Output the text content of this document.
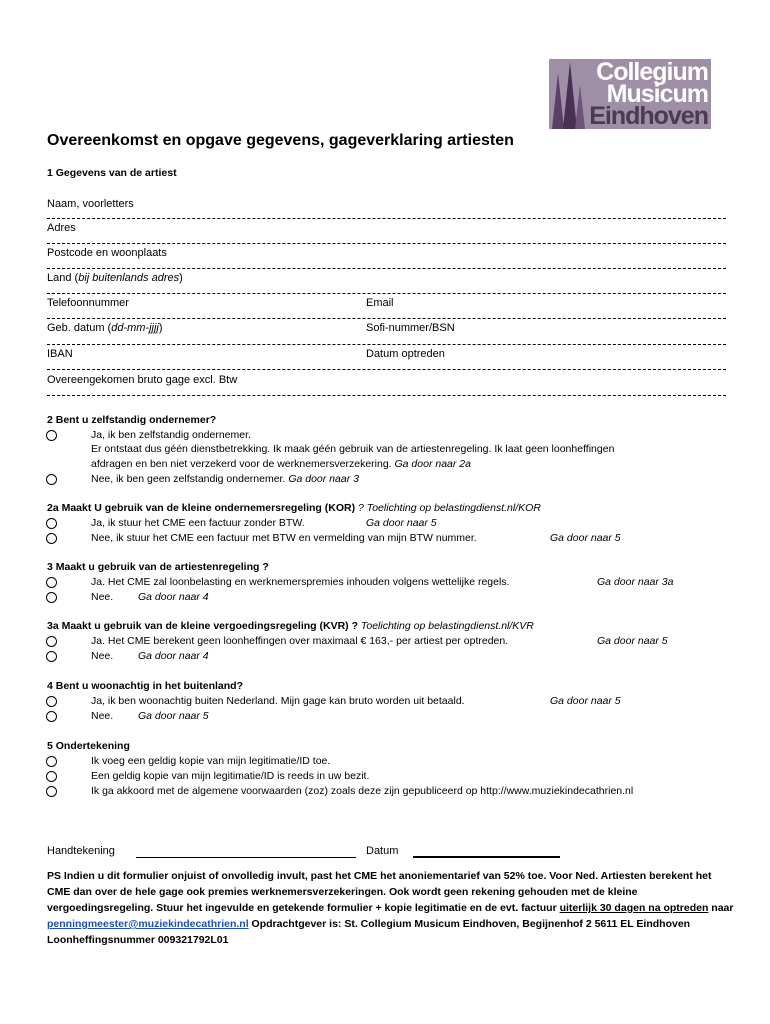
Collegium
Musicum
Eindhoven
Overeenkomst en opgave gegevens, gageverklaring artiesten
1 Gegevens van de artiest
Naam, voorletters
Adres
Postcode en woonplaats
Land (bij buitenlands adres)
Telefoonnummer	Email
Geb. datum (dd-mm-jjjj)	Sofi-nummer/BSN
IBAN	Datum optreden
Overeengekomen bruto gage excl. Btw
2 Bent u zelfstandig ondernemer?
Ja, ik ben zelfstandig ondernemer.
Er ontstaat dus géén dienstbetrekking. Ik maak géén gebruik van de artiestenregeling. Ik laat geen loonheffingen
afdragen en ben niet verzekerd voor de werknemersverzekering. Ga door naar 2a
Nee, ik ben geen zelfstandig ondernemer. Ga door naar 3
2a Maakt U gebruik van de kleine ondernemersregeling (KOR) ? Toelichting op belastingdienst.nl/KOR
Ja, ik stuur het CME een factuur zonder BTW.	Ga door naar 5
Nee, ik stuur het CME een factuur met BTW en vermelding van mijn BTW nummer.	Ga door naar 5
3 Maakt u gebruik van de artiestenregeling ?
Ja. Het CME zal loonbelasting en werknemerspremies inhouden volgens wettelijke regels.	Ga door naar 3a
Nee. Ga door naar 4
3a Maakt u gebruik van de kleine vergoedingsregeling (KVR) ? Toelichting op belastingdienst.nl/KVR
Ja. Het CME berekent geen loonheffingen over maximaal € 163,- per artiest per optreden.	Ga door naar 5
Nee. Ga door naar 4
4 Bent u woonachtig in het buitenland?
Ja, ik ben woonachtig buiten Nederland. Mijn gage kan bruto worden uit betaald.	Ga door naar 5
Nee. Ga door naar 5
5 Ondertekening
Ik voeg een geldig kopie van mijn legitimatie/ID toe.
Een geldig kopie van mijn legitimatie/ID is reeds in uw bezit.
Ik ga akkoord met de algemene voorwaarden (zoz) zoals deze zijn gepubliceerd op http://www.muziekindecathrien.nl
Handtekening	Datum
PS Indien u dit formulier onjuist of onvolledig invult, past het CME het anoniementarief van 52% toe. Voor Ned. Artiesten berekent het CME dan over de hele gage ook premies werknemersverzekeringen. Ook wordt geen rekening gehouden met de kleine vergoedingsregeling. Stuur het ingevulde en getekende formulier + kopie legitimatie en de evt. factuur uiterlijk 30 dagen na optreden naar penningmeester@muziekindecathrien.nl Opdrachtgever is: St. Collegium Musicum Eindhoven, Begijnenhof 2 5611 EL Eindhoven Loonheffingsnummer 009321792L01
